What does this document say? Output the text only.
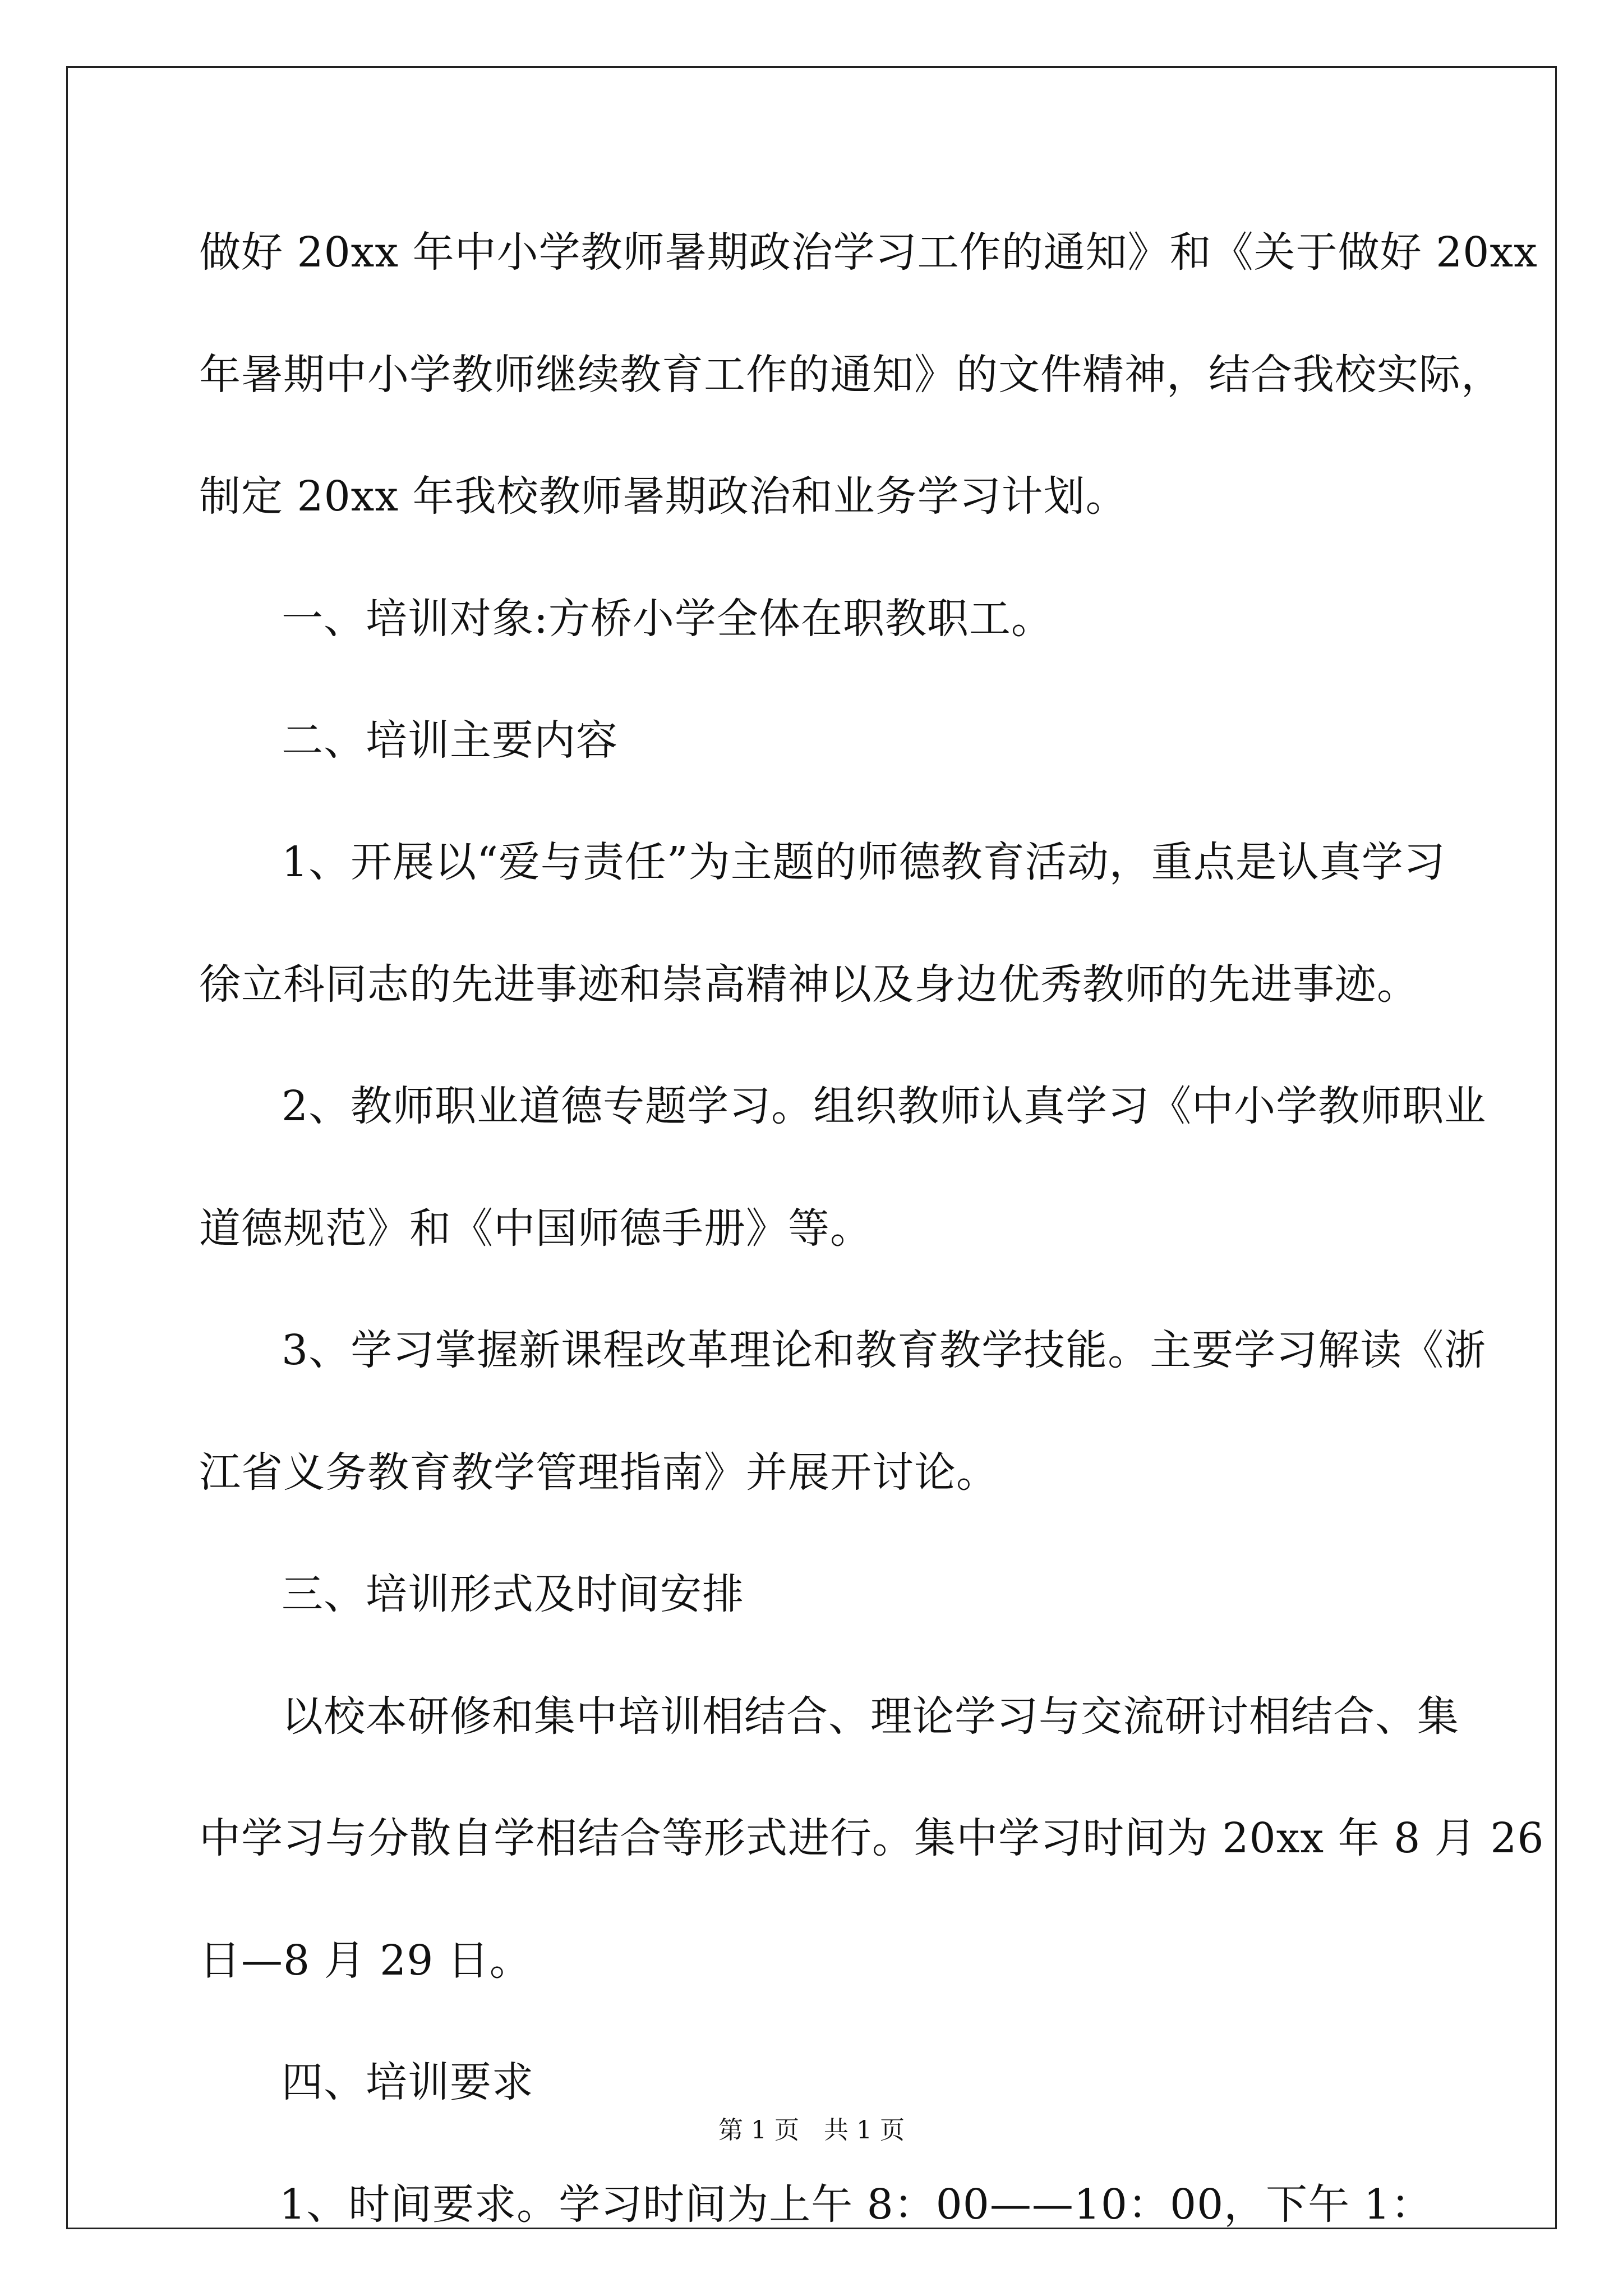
做好 20xx 年中小学教师暑期政治学习工作的通知》和《关于做好 20xx
年暑期中小学教师继续教育工作的通知》的文件精神，结合我校实际，
制定 20xx 年我校教师暑期政治和业务学习计划。
一、培训对象:方桥小学全体在职教职工。
二、培训主要内容
1、开展以“爱与责任”为主题的师德教育活动，重点是认真学习
徐立科同志的先进事迹和崇高精神以及身边优秀教师的先进事迹。
2、教师职业道德专题学习。组织教师认真学习《中小学教师职业
道德规范》和《中国师德手册》等。
3、学习掌握新课程改革理论和教育教学技能。主要学习解读《浙
江省义务教育教学管理指南》并展开讨论。
三、培训形式及时间安排
以校本研修和集中培训相结合、理论学习与交流研讨相结合、集
中学习与分散自学相结合等形式进行。集中学习时间为 20xx 年 8 月 26
日—8 月 29 日。
四、培训要求
1、时间要求。学习时间为上午 8：00——10：00，下午 1：
第 1 页　共 1 页
